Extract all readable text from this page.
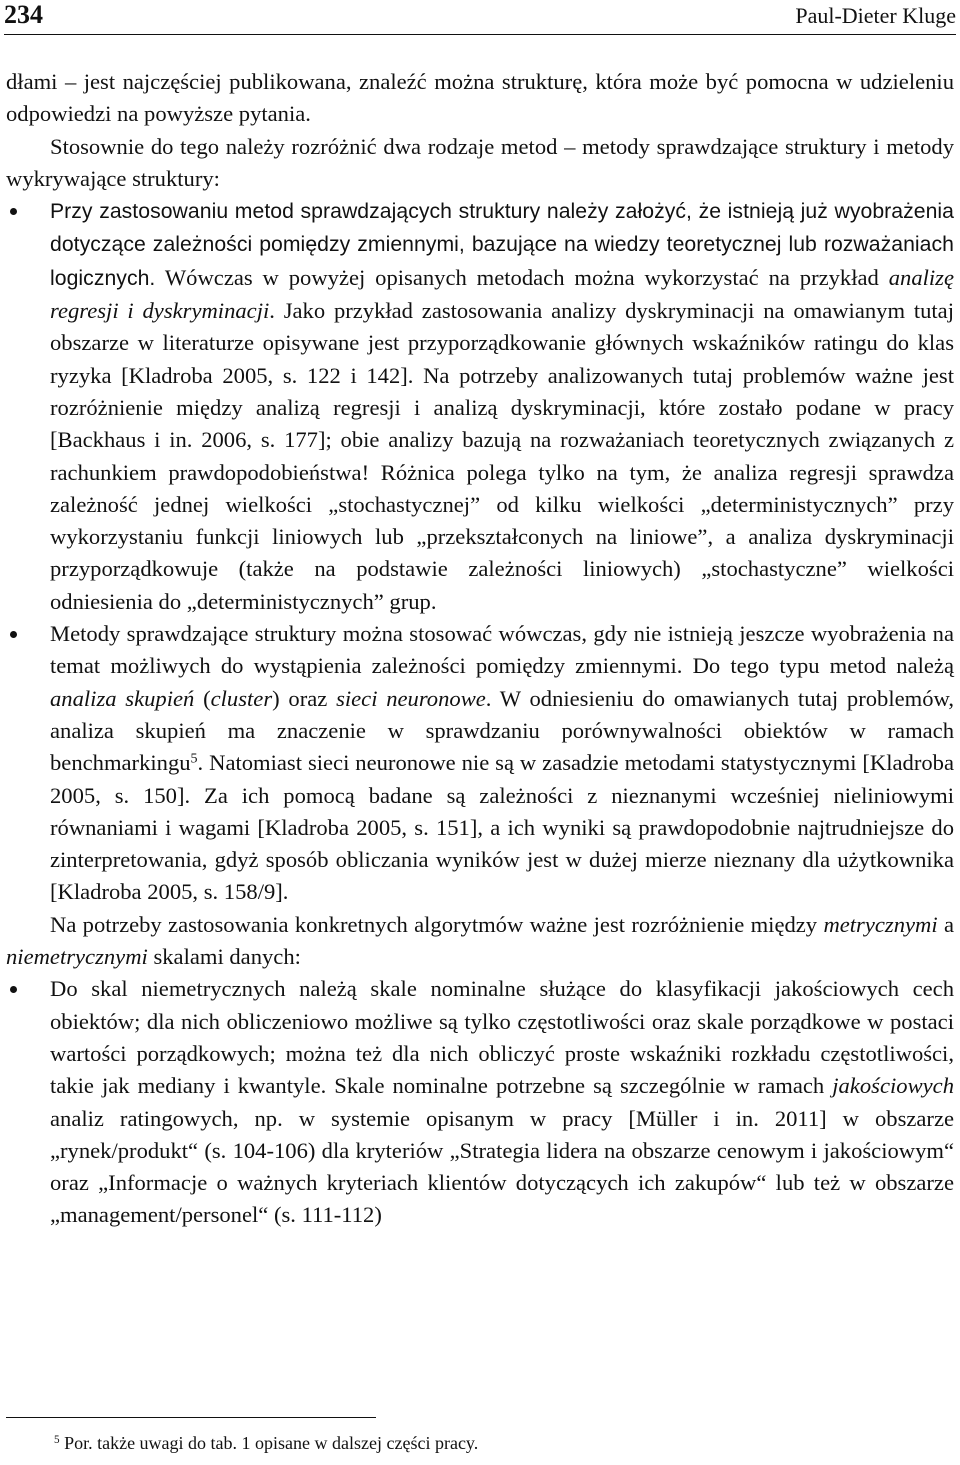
234	Paul-Dieter Kluge

dłami – jest najczęściej publikowana, znaleźć można strukturę, która może być pomocna w udzieleniu odpowiedzi na powyższe pytania.

Stosownie do tego należy rozróżnić dwa rodzaje metod – metody sprawdzające struktury i metody wykrywające struktury:

Przy zastosowaniu metod sprawdzających struktury należy założyć, że istnieją już wyobrażenia dotyczące zależności pomiędzy zmiennymi, bazujące na wiedzy teoretycznej lub rozważaniach logicznych. Wówczas w powyżej opisanych metodach można wykorzystać na przykład analizę regresji i dyskryminacji. Jako przykład zastosowania analizy dyskryminacji na omawianym tutaj obszarze w literaturze opisywane jest przyporządkowanie głównych wskaźników ratingu do klas ryzyka [Kladroba 2005, s. 122 i 142]. Na potrzeby analizowanych tutaj problemów ważne jest rozróżnienie między analizą regresji i analizą dyskryminacji, które zostało podane w pracy [Backhaus i in. 2006, s. 177]; obie analizy bazują na rozważaniach teoretycznych związanych z rachunkiem prawdopodobieństwa! Różnica polega tylko na tym, że analiza regresji sprawdza zależność jednej wielkości „stochastycznej” od kilku wielkości „deterministycznych” przy wykorzystaniu funkcji liniowych lub „przekształconych na liniowe”, a analiza dyskryminacji przyporządkowuje (także na podstawie zależności liniowych) „stochastyczne” wielkości odniesienia do „deterministycznych” grup.
Metody sprawdzające struktury można stosować wówczas, gdy nie istnieją jeszcze wyobrażenia na temat możliwych do wystąpienia zależności pomiędzy zmiennymi. Do tego typu metod należą analiza skupień (cluster) oraz sieci neuronowe. W odniesieniu do omawianych tutaj problemów, analiza skupień ma znaczenie w sprawdzaniu porównywalności obiektów w ramach benchmarkingu$^5$. Natomiast sieci neuronowe nie są w zasadzie metodami statystycznymi [Kladroba 2005, s. 150]. Za ich pomocą badane są zależności z nieznanymi wcześniej nieliniowymi równaniami i wagami [Kladroba 2005, s. 151], a ich wyniki są prawdopodobnie najtrudniejsze do zinterpretowania, gdyż sposób obliczania wyników jest w dużej mierze nieznany dla użytkownika [Kladroba 2005, s. 158/9].

Na potrzeby zastosowania konkretnych algorytmów ważne jest rozróżnienie między metrycznymi a niemetrycznymi skalami danych:

Do skal niemetrycznych należą skale nominalne służące do klasyfikacji jakościowych cech obiektów; dla nich obliczeniowo możliwe są tylko częstotliwości oraz skale porządkowe w postaci wartości porządkowych; można też dla nich obliczyć proste wskaźniki rozkładu częstotliwości, takie jak mediany i kwantyle. Skale nominalne potrzebne są szczególnie w ramach jakościowych analiz ratingowych, np. w systemie opisanym w pracy [Müller i in. 2011] w obszarze „rynek/produkt“ (s. 104-106) dla kryteriów „Strategia lidera na obszarze cenowym i jakościowym“ oraz „Informacje o ważnych kryteriach klientów dotyczących ich zakupów“ lub też w obszarze „management/personel“ (s. 111-112)
$^5$ Por. także uwagi do tab. 1 opisane w dalszej części pracy.
